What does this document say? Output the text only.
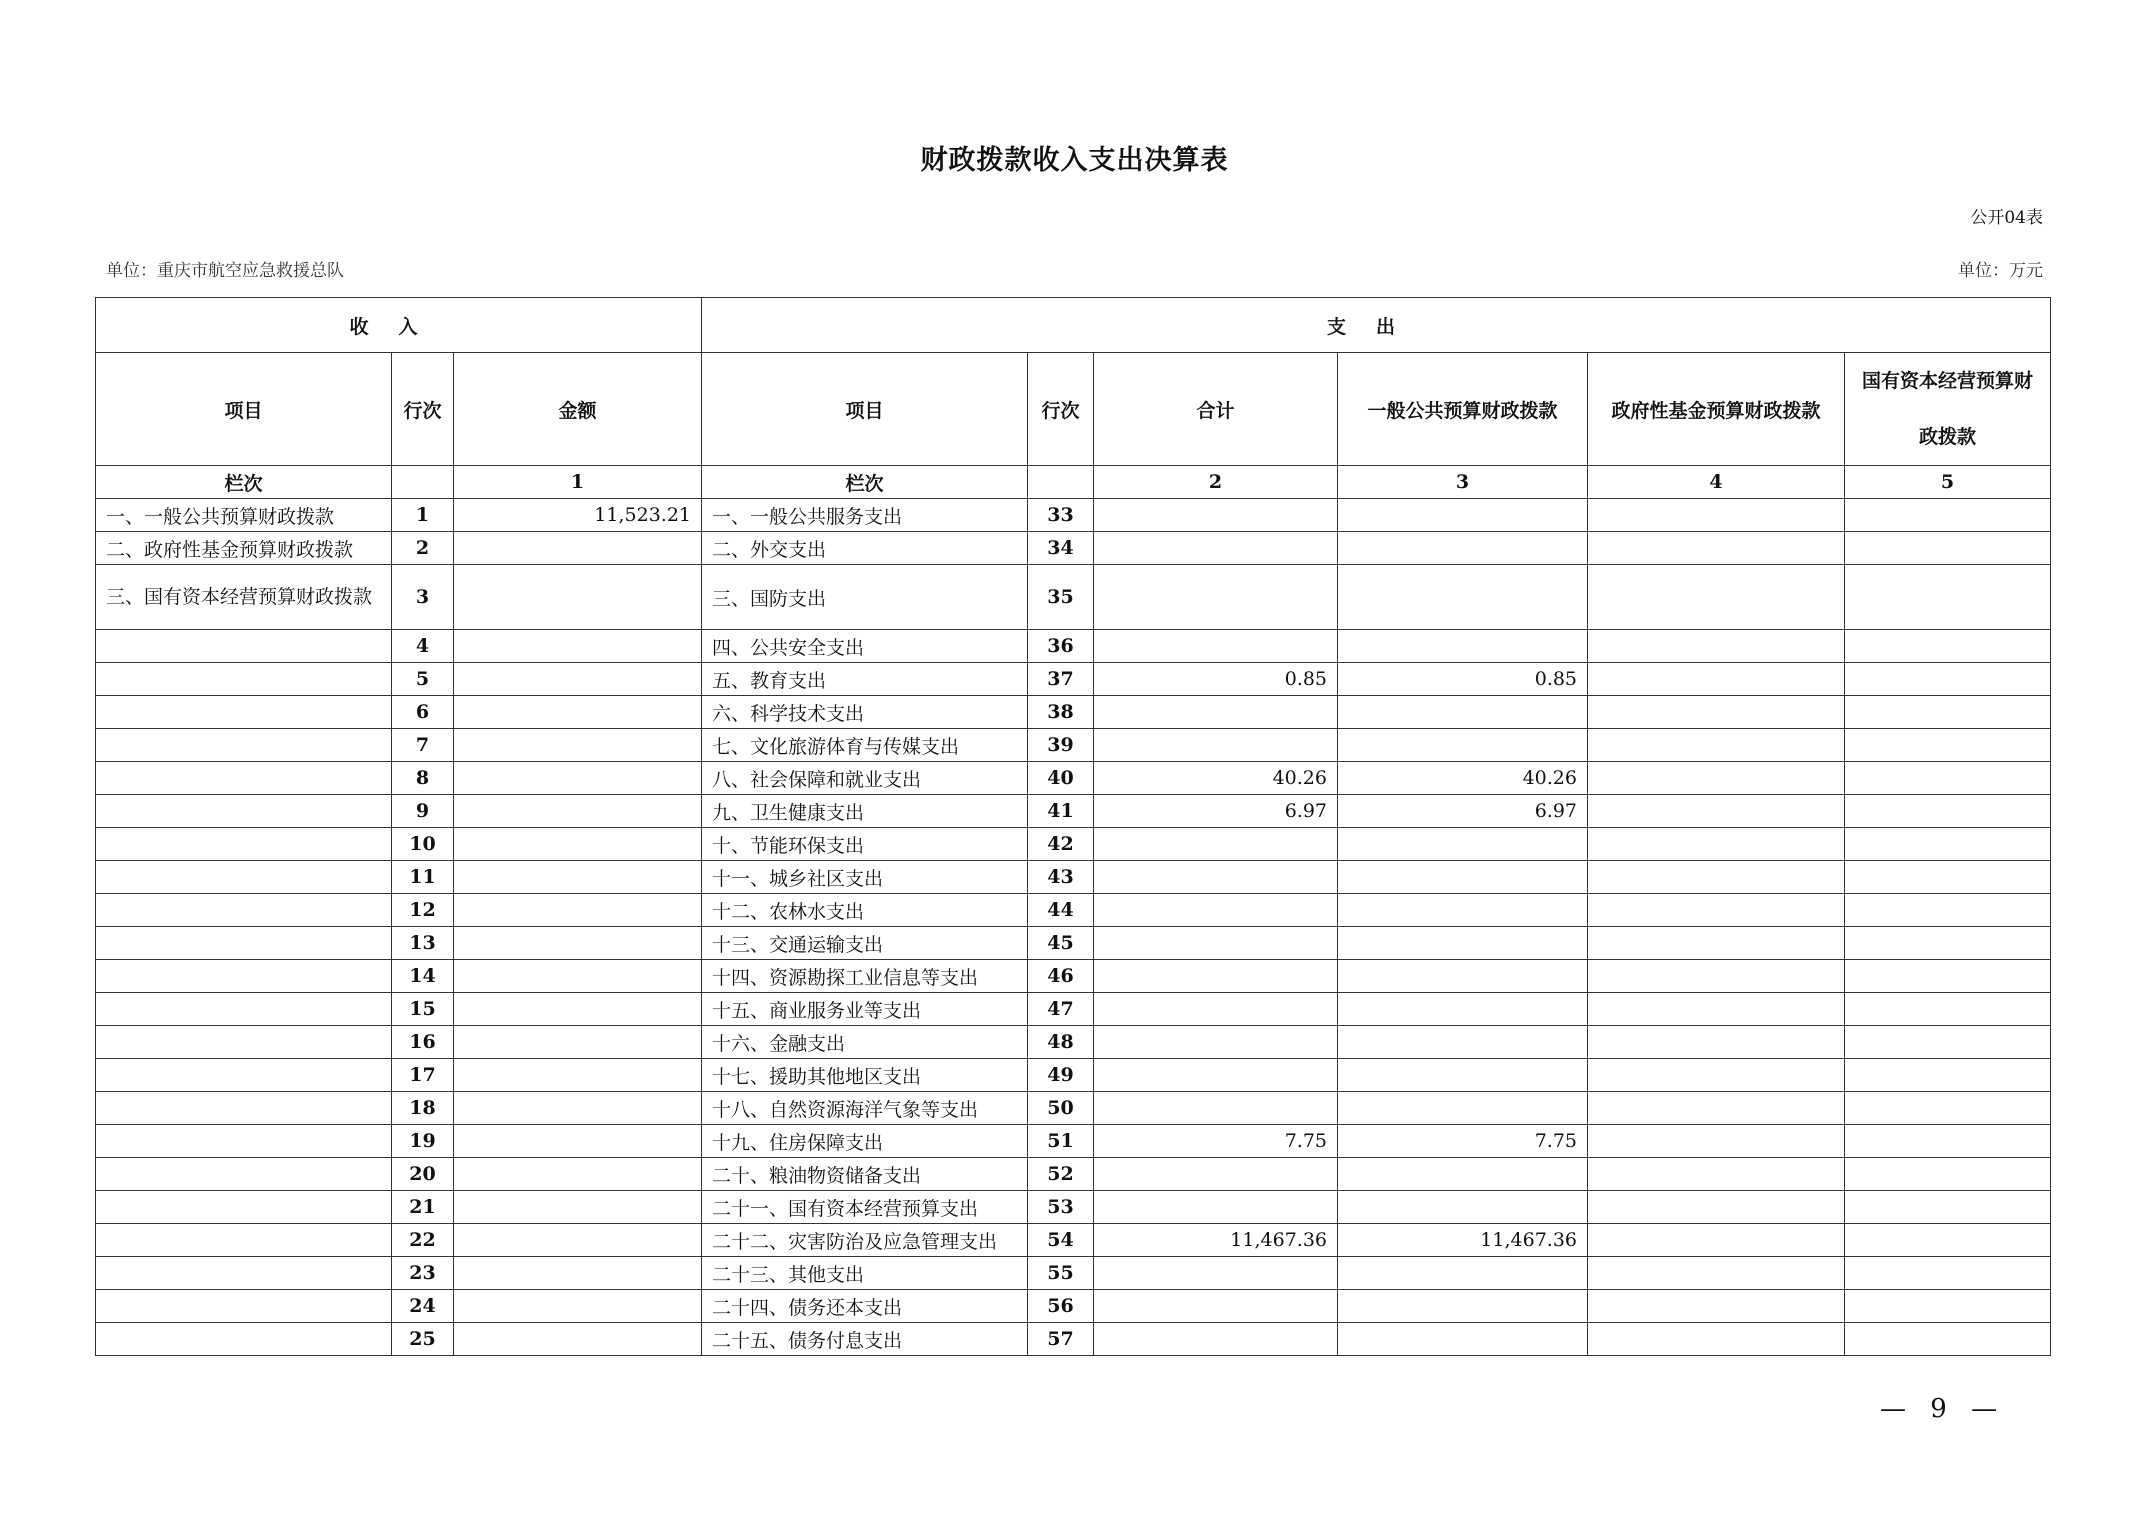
财政拨款收入支出决算表
公开04表
单位：重庆市航空应急救援总队	单位：万元
收入			支出					
项目	行次	金额	项目	行次	合计	一般公共预算财政拨款	政府性基金预算财政拨款	国有资本经营预算财政拨款
栏次		1	栏次		2	3	4	5
一、一般公共预算财政拨款	1	11,523.21	一、一般公共服务支出	33				
二、政府性基金预算财政拨款	2		二、外交支出	34				
三、国有资本经营预算财政拨款	3		三、国防支出	35				
	4		四、公共安全支出	36				
	5		五、教育支出	37	0.85	0.85		
	6		六、科学技术支出	38				
	7		七、文化旅游体育与传媒支出	39				
	8		八、社会保障和就业支出	40	40.26	40.26		
	9		九、卫生健康支出	41	6.97	6.97		
	10		十、节能环保支出	42				
	11		十一、城乡社区支出	43				
	12		十二、农林水支出	44				
	13		十三、交通运输支出	45				
	14		十四、资源勘探工业信息等支出	46				
	15		十五、商业服务业等支出	47				
	16		十六、金融支出	48				
	17		十七、援助其他地区支出	49				
	18		十八、自然资源海洋气象等支出	50				
	19		十九、住房保障支出	51	7.75	7.75		
	20		二十、粮油物资储备支出	52				
	21		二十一、国有资本经营预算支出	53				
	22		二十二、灾害防治及应急管理支出	54	11,467.36	11,467.36		
	23		二十三、其他支出	55				
	24		二十四、债务还本支出	56				
	25		二十五、债务付息支出	57				
— 9 —
